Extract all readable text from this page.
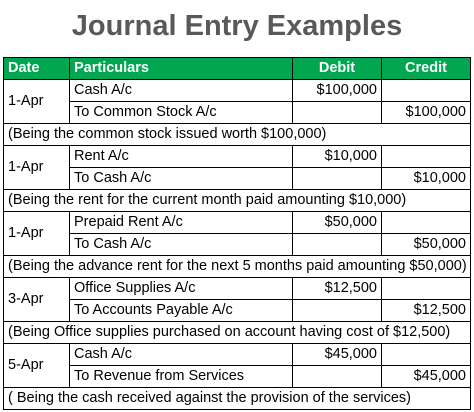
Journal Entry Examples
Date	Particulars	Debit	Credit
1-Apr	Cash A/c	$100,000	
	To Common Stock A/c		$100,000
(Being the common stock issued worth $100,000)			
1-Apr	Rent A/c	$10,000	
	To Cash A/c		$10,000
(Being the rent for the current month paid amounting $10,000)			
1-Apr	Prepaid Rent A/c	$50,000	
	To Cash A/c		$50,000
(Being the advance rent for the next 5 months paid amounting $50,000)			
3-Apr	Office Supplies A/c	$12,500	
	To Accounts Payable A/c		$12,500
(Being Office supplies purchased on account having cost of $12,500)			
5-Apr	Cash A/c	$45,000	
	To Revenue from Services		$45,000
( Being the cash received against the provision of the services)			
